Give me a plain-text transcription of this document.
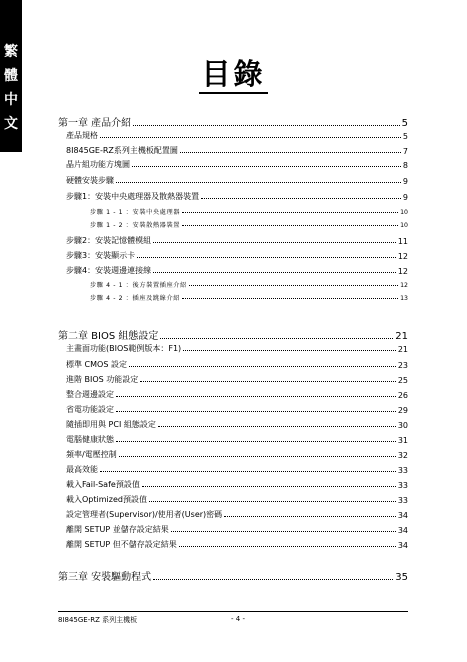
繁
體
中
文
目錄
第一章 產品介紹	5
產品規格	5
8I845GE-RZ系列主機板配置圖	7
晶片組功能方塊圖	8
硬體安裝步驟	9
步驟1：安裝中央處理器及散熱器裝置	9
步驟 1 - 1 ：安裝中央處理器	10
步驟 1 - 2 ：安裝散熱器裝置	10
步驟2：安裝記憶體模組	11
步驟3：安裝顯示卡	12
步驟4：安裝週邊連接線	12
步驟 4 - 1 ：後方裝置插座介紹	12
步驟 4 - 2 ：插座及跳線介紹	13
第二章 BIOS 組態設定	21
主畫面功能(BIOS範例版本：F1)	21
標準 CMOS 設定	23
進階 BIOS 功能設定	25
整合週邊設定	26
省電功能設定	29
隨插即用與 PCI 組態設定	30
電腦健康狀態	31
頻率/電壓控制	32
最高效能	33
載入Fail-Safe預設值	33
載入Optimized預設值	33
設定管理者(Supervisor)/使用者(User)密碼	34
離開 SETUP 並儲存設定結果	34
離開 SETUP 但不儲存設定結果	34
第三章 安裝驅動程式	35
8I845GE-RZ 系列主機板	- 4 -
